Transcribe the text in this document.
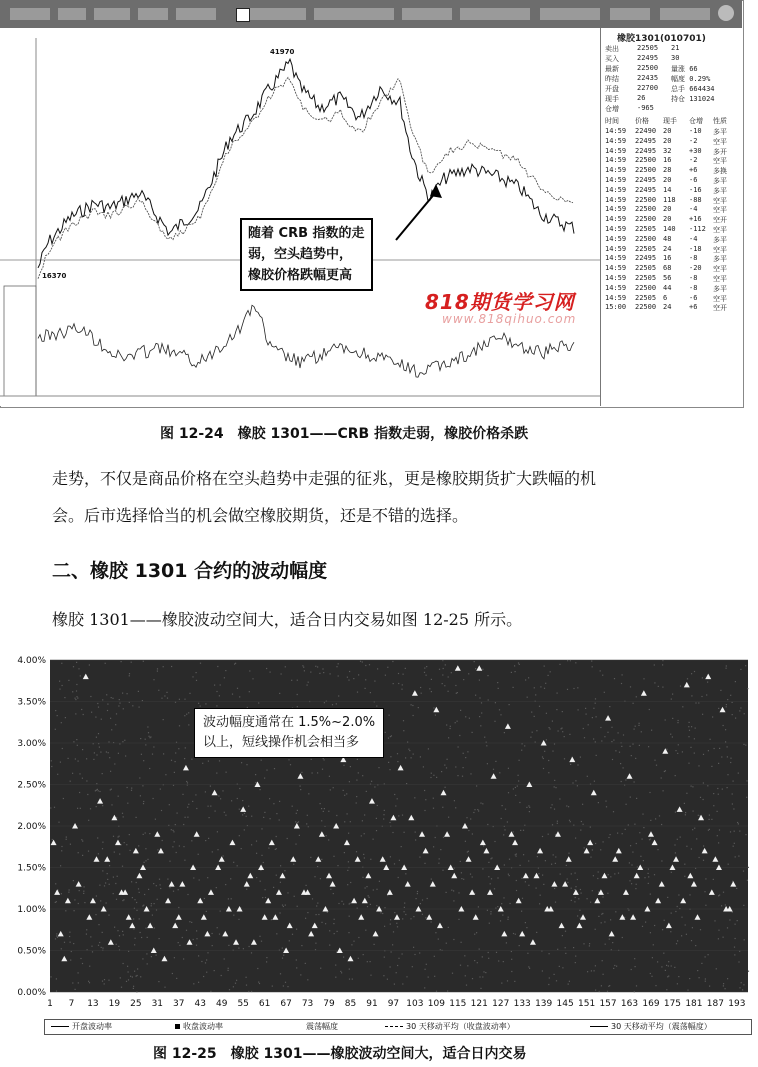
41970
16370
随着 CRB 指数的走
弱，空头趋势中，
橡胶价格跌幅更高
818期货学习网
www.818qihuo.com
橡胶1301(010701)
卖出	22505 21
买入	22495 30
最新	22500 量涨 66
昨结	22435 幅度 0.29%
开盘	22700 总手 664434
现手	26	持仓 131024
仓增	-965
时间 价格 现手 仓增 性质
14:59 22490 20	-10 多平
14:59 22495 20	-2 空平
14:59 22495 32	+30 多开
14:59 22500 16	-2 空平
14:59 22500 28	+6 多换
14:59 22495 20	-6 多平
14:59 22495 14	-16 多平
14:59 22500 118 -88 空平
14:59 22500 20	-4 空平
14:59 22500 20	+16 空开
14:59 22505 140 -112 空平
14:59 22500 48	-4 多平
14:59 22505 24	-18 空平
14:59 22495 16	-8 多平
14:59 22505 68	-20 空平
14:59 22505 56	-8 空平
14:59 22500 44	-8 多平
14:59 22505 6	-6 空平
15:00 22500 24	+6 空开
图 12-24　橡胶 1301——CRB 指数走弱，橡胶价格杀跌
走势，不仅是商品价格在空头趋势中走强的征兆，更是橡胶期货扩大跌幅的机
会。后市选择恰当的机会做空橡胶期货，还是不错的选择。
二、橡胶 1301 合约的波动幅度
橡胶 1301——橡胶波动空间大，适合日内交易如图 12-25 所示。
0.00%
0.50%
1.00%
1.50%
2.00%
2.50%
3.00%
3.50%
4.00%
1 7 13 19 25 31 37 43 49 55 61 67 73 79 85 91 97 103 109 115 121 127 133 139 145 151 157 163 169 175 181 187 193
波动幅度通常在 1.5%~2.0%
以上，短线操作机会相当多
开盘波动率	收盘波动率	震荡幅度	30 天移动平均（收盘波动率）	30 天移动平均（震荡幅度）
图 12-25　橡胶 1301——橡胶波动空间大，适合日内交易
